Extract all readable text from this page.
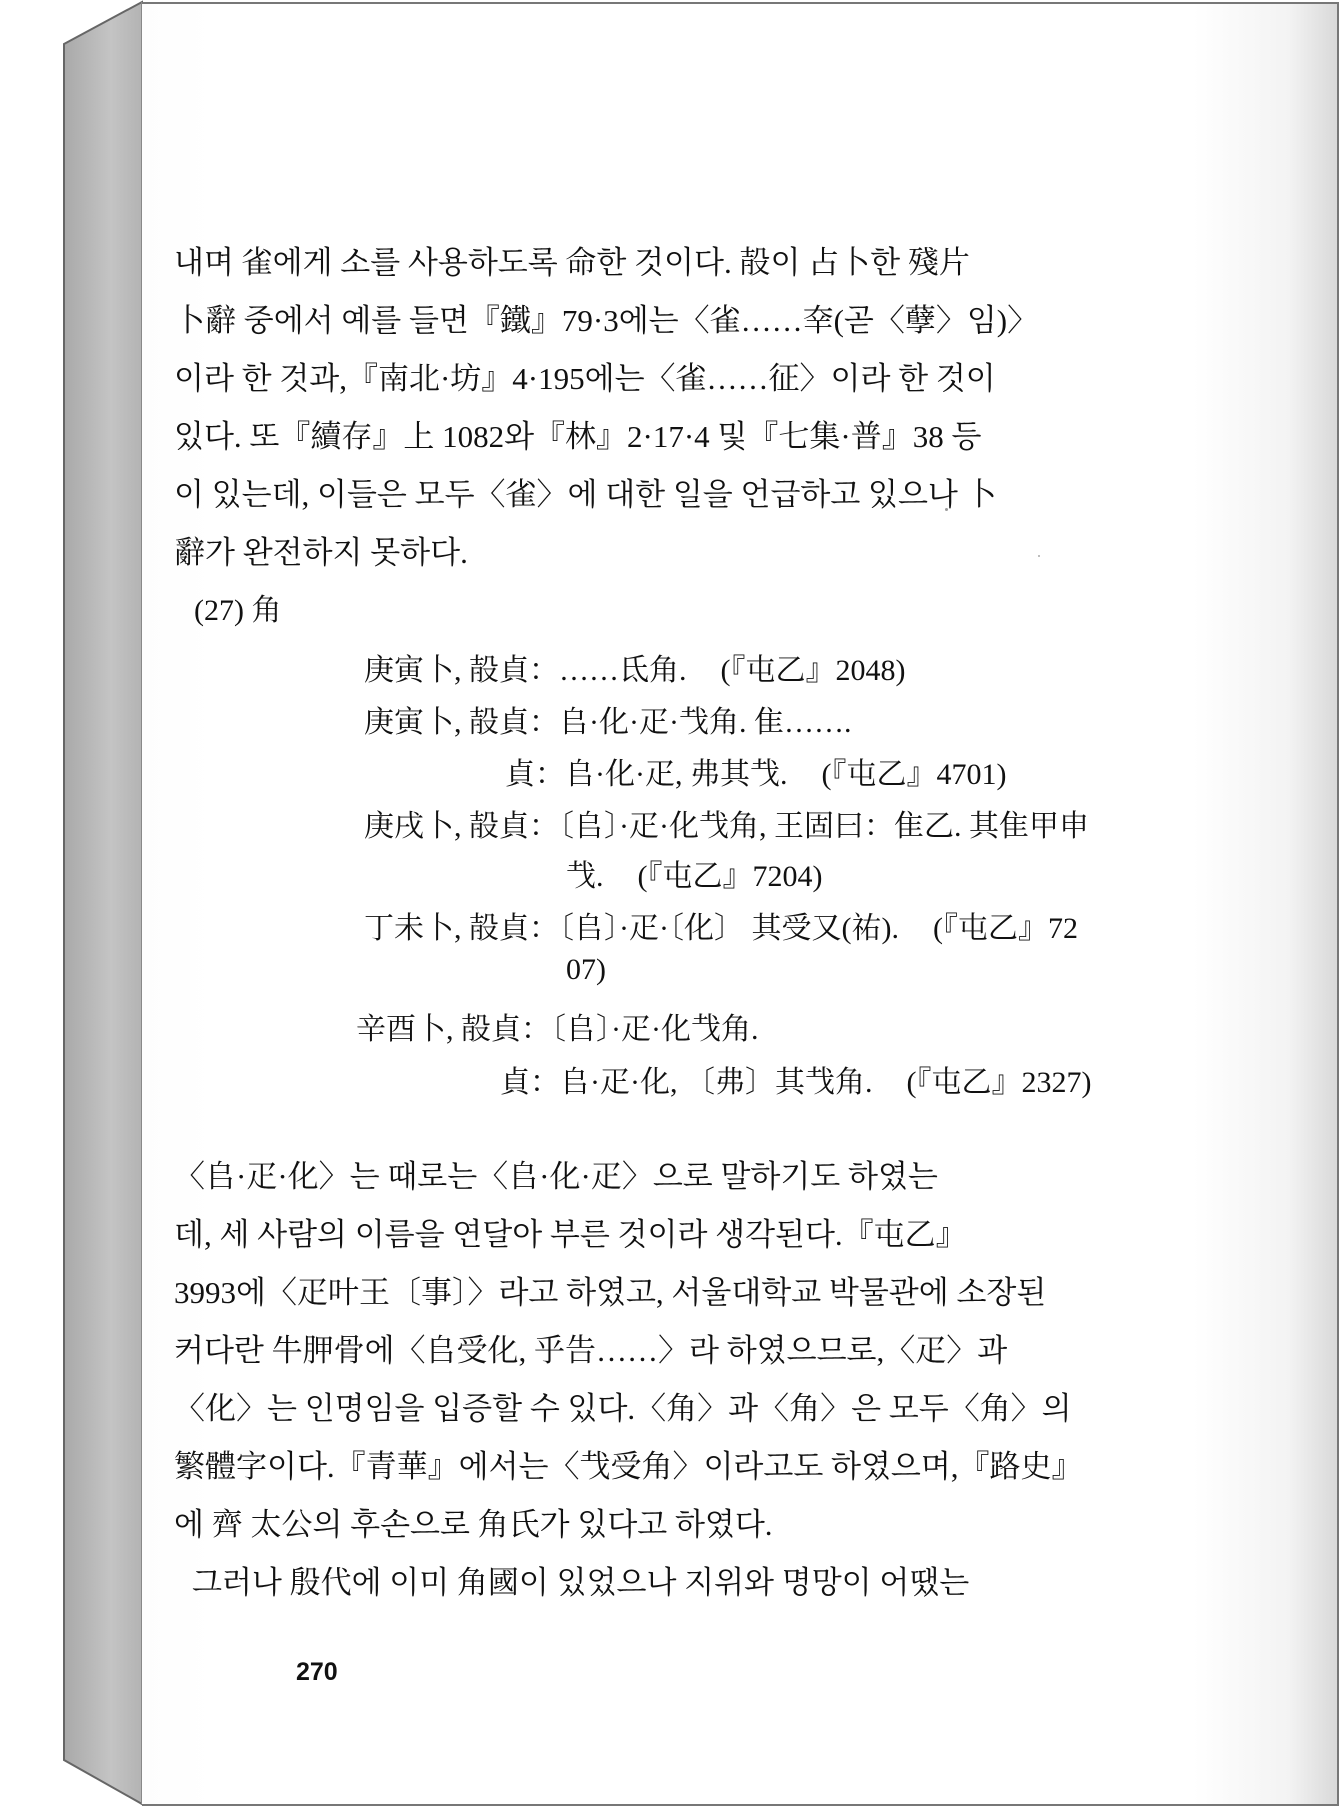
내며 雀에게 소를 사용하도록 命한 것이다. 㱿이 占卜한 殘片
卜辭 중에서 예를 들면『鐵』79·3에는〈雀……㚔(곧〈孽〉임)〉
이라 한 것과,『南北·坊』4·195에는〈雀……征〉이라 한 것이
있다. 또『續存』上 1082와『林』2·17·4 및『七集·普』38 등
이 있는데, 이들은 모두〈雀〉에 대한 일을 언급하고 있으나 卜
辭가 완전하지 못하다.

(27) 角
庚寅卜, 㱿貞：……氐角. (『屯乙』2048)
庚寅卜, 㱿貞：𠂤·化·疋·𢦏角. 隹…….
貞：𠂤·化·疋, 弗其𢦏. (『屯乙』4701)
庚戌卜, 㱿貞：〔𠂤〕·疋·化𢦏角, 王固曰：隹乙. 其隹甲申
𢦏. (『屯乙』7204)
丁未卜, 㱿貞：〔𠂤〕·疋·〔化〕 其受又(祐). (『屯乙』72
07)
辛酉卜, 㱿貞：〔𠂤〕·疋·化𢦏角.
貞：𠂤·疋·化, 〔弗〕其𢦏角. (『屯乙』2327)

〈𠂤·疋·化〉는 때로는〈𠂤·化·疋〉으로 말하기도 하였는
데, 세 사람의 이름을 연달아 부른 것이라 생각된다.『屯乙』
3993에〈疋叶王〔事〕〉라고 하였고, 서울대학교 박물관에 소장된
커다란 牛胛骨에〈𠂤受化, 乎告……〉라 하였으므로,〈疋〉과
〈化〉는 인명임을 입증할 수 있다.〈角〉과〈角〉은 모두〈角〉의
繁體字이다.『青華』에서는〈𢦏受角〉이라고도 하였으며,『路史』
에 齊 太公의 후손으로 角氏가 있다고 하였다.

그러나 殷代에 이미 角國이 있었으나 지위와 명망이 어땠는

270
